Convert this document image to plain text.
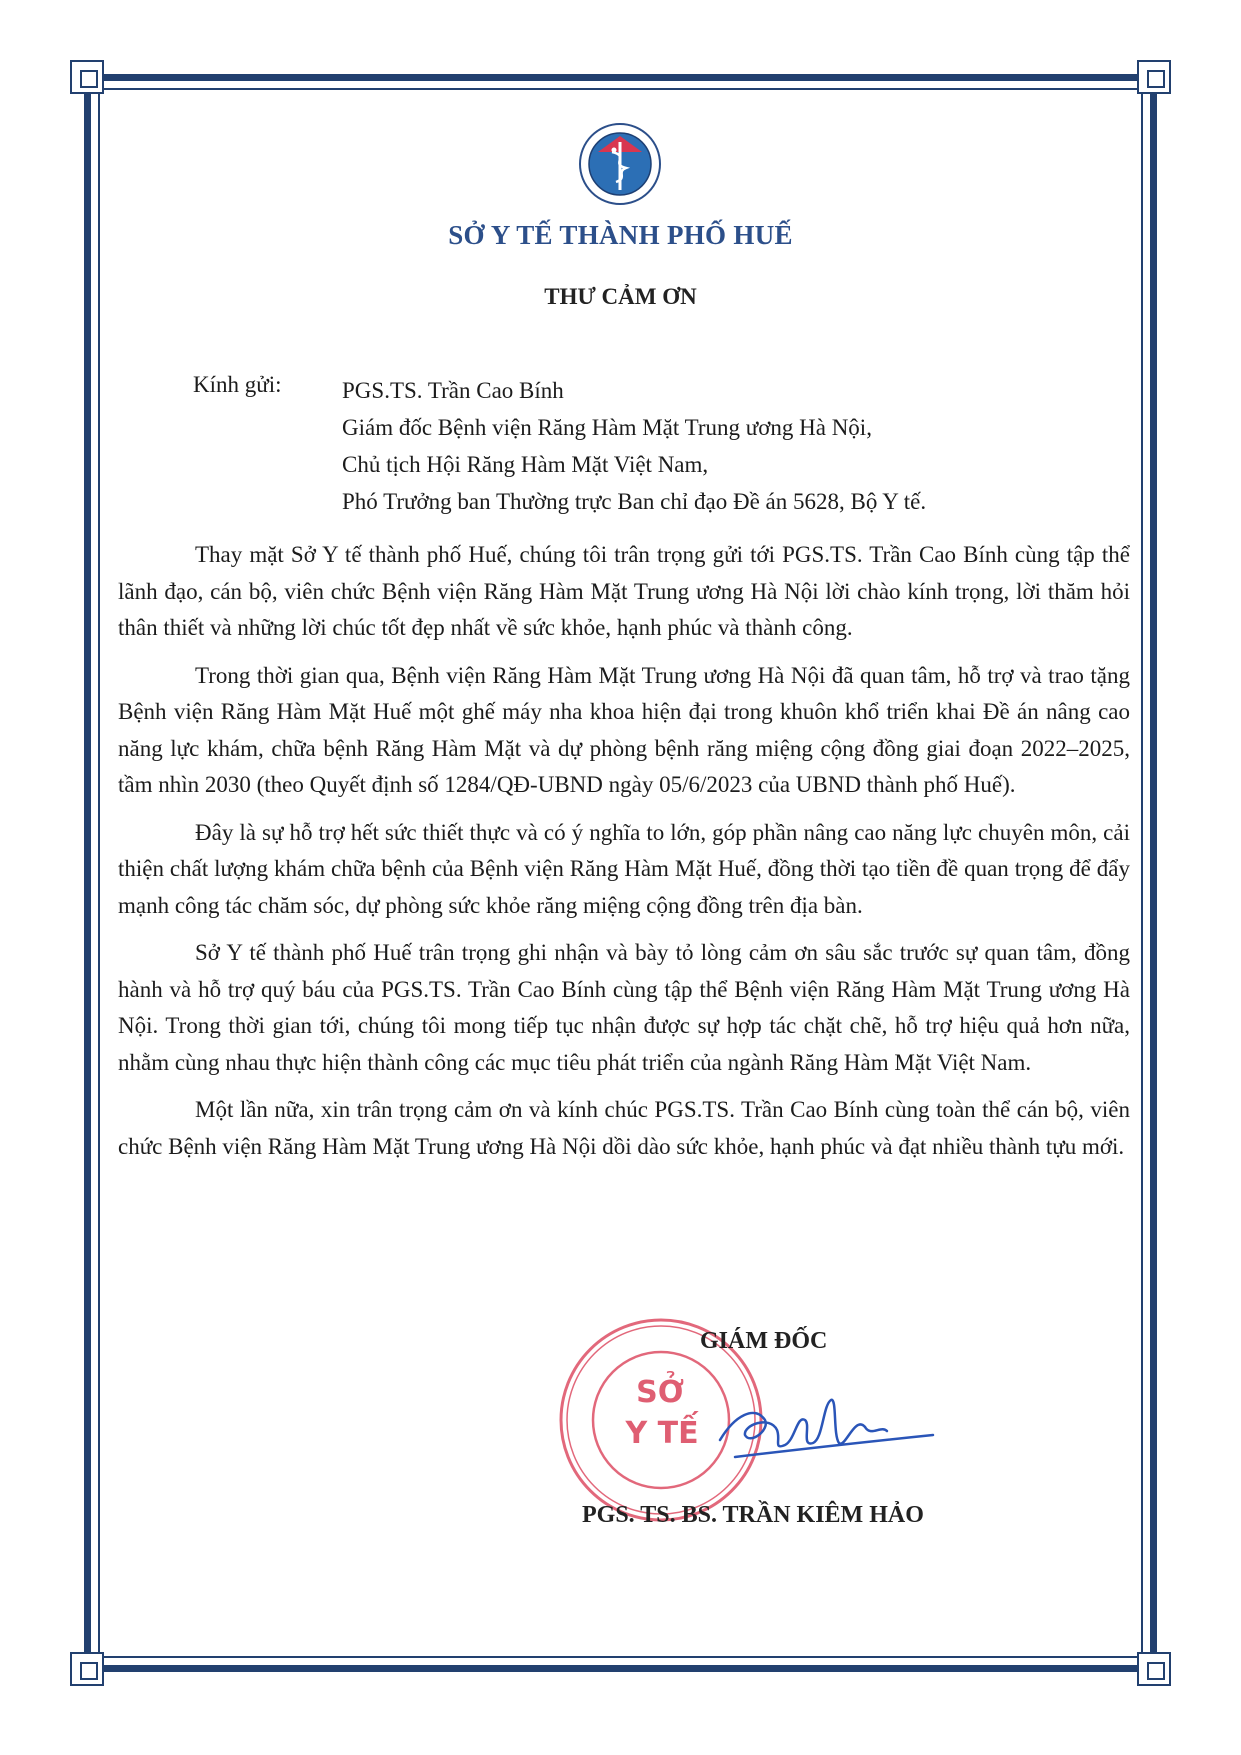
SỞ Y TẾ THÀNH PHỐ HUẾ
THƯ CẢM ƠN
Kính gửi:	PGS.TS. Trần Cao Bính
Giám đốc Bệnh viện Răng Hàm Mặt Trung ương Hà Nội,
Chủ tịch Hội Răng Hàm Mặt Việt Nam,
Phó Trưởng ban Thường trực Ban chỉ đạo Đề án 5628, Bộ Y tế.

Thay mặt Sở Y tế thành phố Huế, chúng tôi trân trọng gửi tới PGS.TS. Trần Cao Bính cùng tập thể lãnh đạo, cán bộ, viên chức Bệnh viện Răng Hàm Mặt Trung ương Hà Nội lời chào kính trọng, lời thăm hỏi thân thiết và những lời chúc tốt đẹp nhất về sức khỏe, hạnh phúc và thành công.

Trong thời gian qua, Bệnh viện Răng Hàm Mặt Trung ương Hà Nội đã quan tâm, hỗ trợ và trao tặng Bệnh viện Răng Hàm Mặt Huế một ghế máy nha khoa hiện đại trong khuôn khổ triển khai Đề án nâng cao năng lực khám, chữa bệnh Răng Hàm Mặt và dự phòng bệnh răng miệng cộng đồng giai đoạn 2022–2025, tầm nhìn 2030 (theo Quyết định số 1284/QĐ-UBND ngày 05/6/2023 của UBND thành phố Huế).

Đây là sự hỗ trợ hết sức thiết thực và có ý nghĩa to lớn, góp phần nâng cao năng lực chuyên môn, cải thiện chất lượng khám chữa bệnh của Bệnh viện Răng Hàm Mặt Huế, đồng thời tạo tiền đề quan trọng để đẩy mạnh công tác chăm sóc, dự phòng sức khỏe răng miệng cộng đồng trên địa bàn.

Sở Y tế thành phố Huế trân trọng ghi nhận và bày tỏ lòng cảm ơn sâu sắc trước sự quan tâm, đồng hành và hỗ trợ quý báu của PGS.TS. Trần Cao Bính cùng tập thể Bệnh viện Răng Hàm Mặt Trung ương Hà Nội. Trong thời gian tới, chúng tôi mong tiếp tục nhận được sự hợp tác chặt chẽ, hỗ trợ hiệu quả hơn nữa, nhằm cùng nhau thực hiện thành công các mục tiêu phát triển của ngành Răng Hàm Mặt Việt Nam.

Một lần nữa, xin trân trọng cảm ơn và kính chúc PGS.TS. Trần Cao Bính cùng toàn thể cán bộ, viên chức Bệnh viện Răng Hàm Mặt Trung ương Hà Nội dồi dào sức khỏe, hạnh phúc và đạt nhiều thành tựu mới.

SỞ
Y TẾ
GIÁM ĐỐC
PGS. TS. BS. TRẦN KIÊM HẢO
